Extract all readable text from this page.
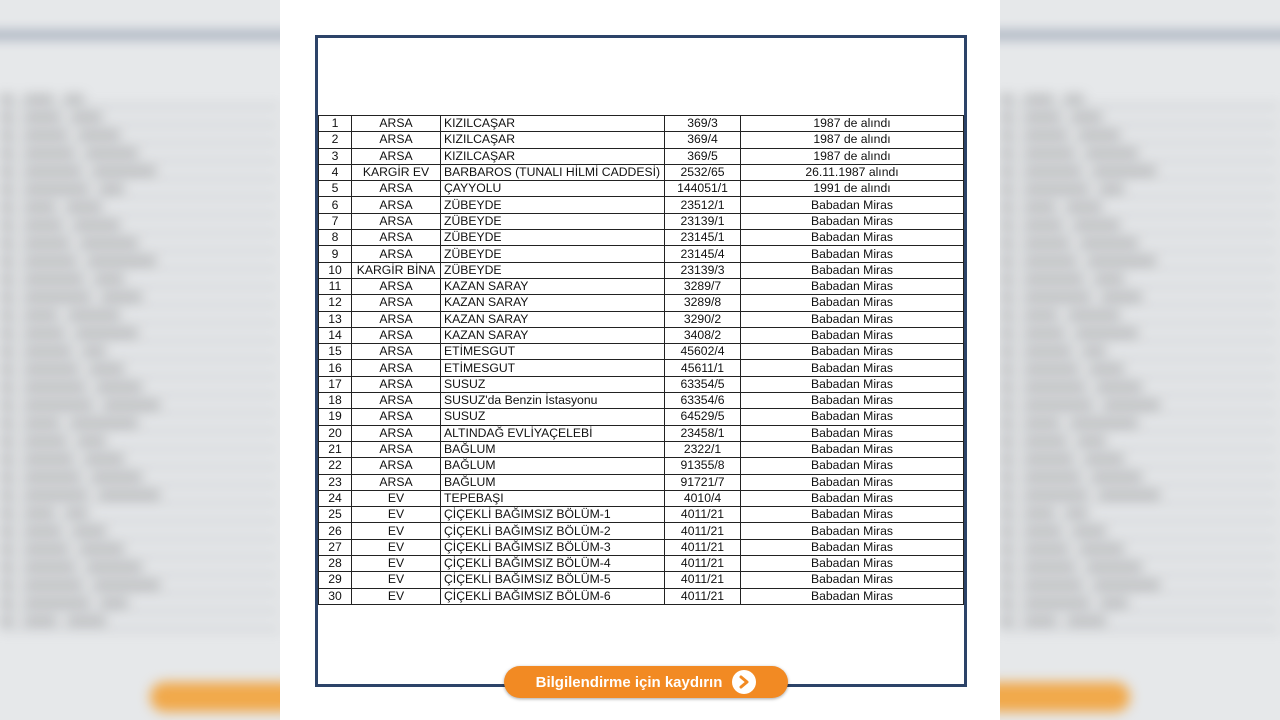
1	ARSA	KIZILCAŞAR	369/3	1987 de alındı
2	ARSA	KIZILCAŞAR	369/4	1987 de alındı
3	ARSA	KIZILCAŞAR	369/5	1987 de alındı
4	KARGİR EV	BARBAROS (TUNALI HİLMİ CADDESİ)	2532/65	26.11.1987 alındı
5	ARSA	ÇAYYOLU	144051/1	1991 de alındı
6	ARSA	ZÜBEYDE	23512/1	Babadan Miras
7	ARSA	ZÜBEYDE	23139/1	Babadan Miras
8	ARSA	ZÜBEYDE	23145/1	Babadan Miras
9	ARSA	ZÜBEYDE	23145/4	Babadan Miras
10	KARGİR BİNA	ZÜBEYDE	23139/3	Babadan Miras
11	ARSA	KAZAN SARAY	3289/7	Babadan Miras
12	ARSA	KAZAN SARAY	3289/8	Babadan Miras
13	ARSA	KAZAN SARAY	3290/2	Babadan Miras
14	ARSA	KAZAN SARAY	3408/2	Babadan Miras
15	ARSA	ETİMESGUT	45602/4	Babadan Miras
16	ARSA	ETİMESGUT	45611/1	Babadan Miras
17	ARSA	SUSUZ	63354/5	Babadan Miras
18	ARSA	SUSUZ'da Benzin İstasyonu	63354/6	Babadan Miras
19	ARSA	SUSUZ	64529/5	Babadan Miras
20	ARSA	ALTINDAĞ EVLİYAÇELEBİ	23458/1	Babadan Miras
21	ARSA	BAĞLUM	2322/1	Babadan Miras
22	ARSA	BAĞLUM	91355/8	Babadan Miras
23	ARSA	BAĞLUM	91721/7	Babadan Miras
24	EV	TEPEBAŞI	4010/4	Babadan Miras
25	EV	ÇİÇEKLİ BAĞIMSIZ BÖLÜM-1	4011/21	Babadan Miras
26	EV	ÇİÇEKLİ BAĞIMSIZ BÖLÜM-2	4011/21	Babadan Miras
27	EV	ÇİÇEKLİ BAĞIMSIZ BÖLÜM-3	4011/21	Babadan Miras
28	EV	ÇİÇEKLİ BAĞIMSIZ BÖLÜM-4	4011/21	Babadan Miras
29	EV	ÇİÇEKLİ BAĞIMSIZ BÖLÜM-5	4011/21	Babadan Miras
30	EV	ÇİÇEKLİ BAĞIMSIZ BÖLÜM-6	4011/21	Babadan Miras
Bilgilendirme için kaydırın
